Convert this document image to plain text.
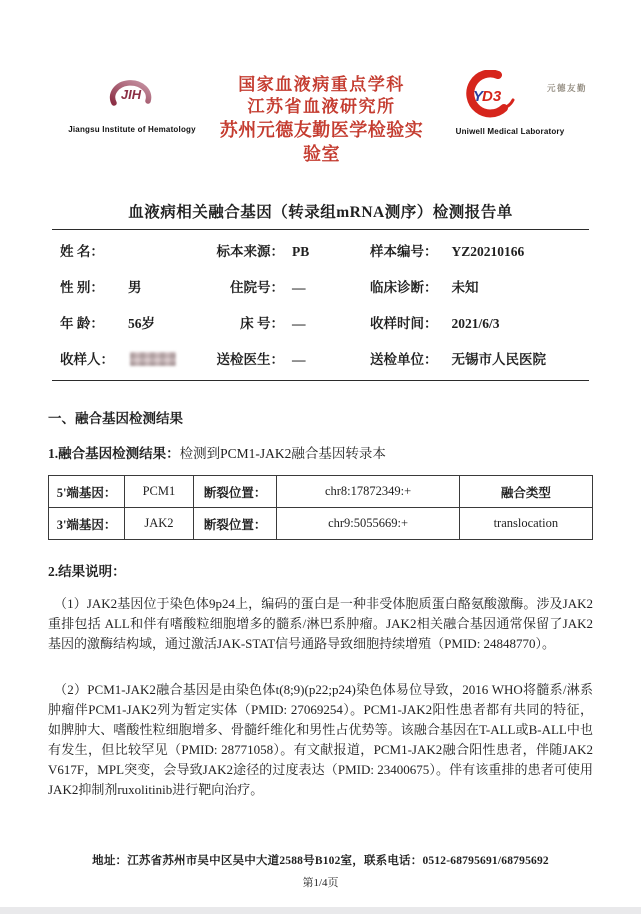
JIH
Jiangsu Institute of Hematology
国家血液病重点学科
江苏省血液研究所
苏州元德友勤医学检验实验室
Y
D3	元德友勤
Uniwell Medical Laboratory
血液病相关融合基因（转录组mRNA测序）检测报告单
姓 名：	标本来源： PB	样本编号： YZ20210166
性 别： 男	住院号： —	临床诊断： 未知
年 龄： 56岁	床 号： —	收样时间： 2021/6/3
收样人：	送检医生： —	送检单位： 无锡市人民医院
一、融合基因检测结果
1.融合基因检测结果：检测到PCM1-JAK2融合基因转录本
5'端基因：	PCM1	断裂位置：	chr8:17872349:+	融合类型
3'端基因：	JAK2	断裂位置：	chr9:5055669:+	translocation
2.结果说明：

（1）JAK2基因位于染色体9p24上，编码的蛋白是一种非受体胞质蛋白酪氨酸激酶。涉及JAK2重排包括 ALL和伴有嗜酸粒细胞增多的髓系/淋巴系肿瘤。JAK2相关融合基因通常保留了JAK2基因的激酶结构域，通过激活JAK-STAT信号通路导致细胞持续增殖（PMID: 24848770）。

（2）PCM1-JAK2融合基因是由染色体t(8;9)(p22;p24)染色体易位导致，2016 WHO将髓系/淋系肿瘤伴PCM1-JAK2列为暂定实体（PMID: 27069254）。PCM1-JAK2阳性患者都有共同的特征，如脾肿大、嗜酸性粒细胞增多、骨髓纤维化和男性占优势等。该融合基因在T-ALL或B-ALL中也有发生，但比较罕见（PMID: 28771058）。有文献报道，PCM1-JAK2融合阳性患者，伴随JAK2 V617F，MPL突变，会导致JAK2途径的过度表达（PMID: 23400675）。伴有该重排的患者可使用JAK2抑制剂ruxolitinib进行靶向治疗。

地址：江苏省苏州市吴中区吴中大道2588号B102室，联系电话：0512-68795691/68795692
第1/4页
